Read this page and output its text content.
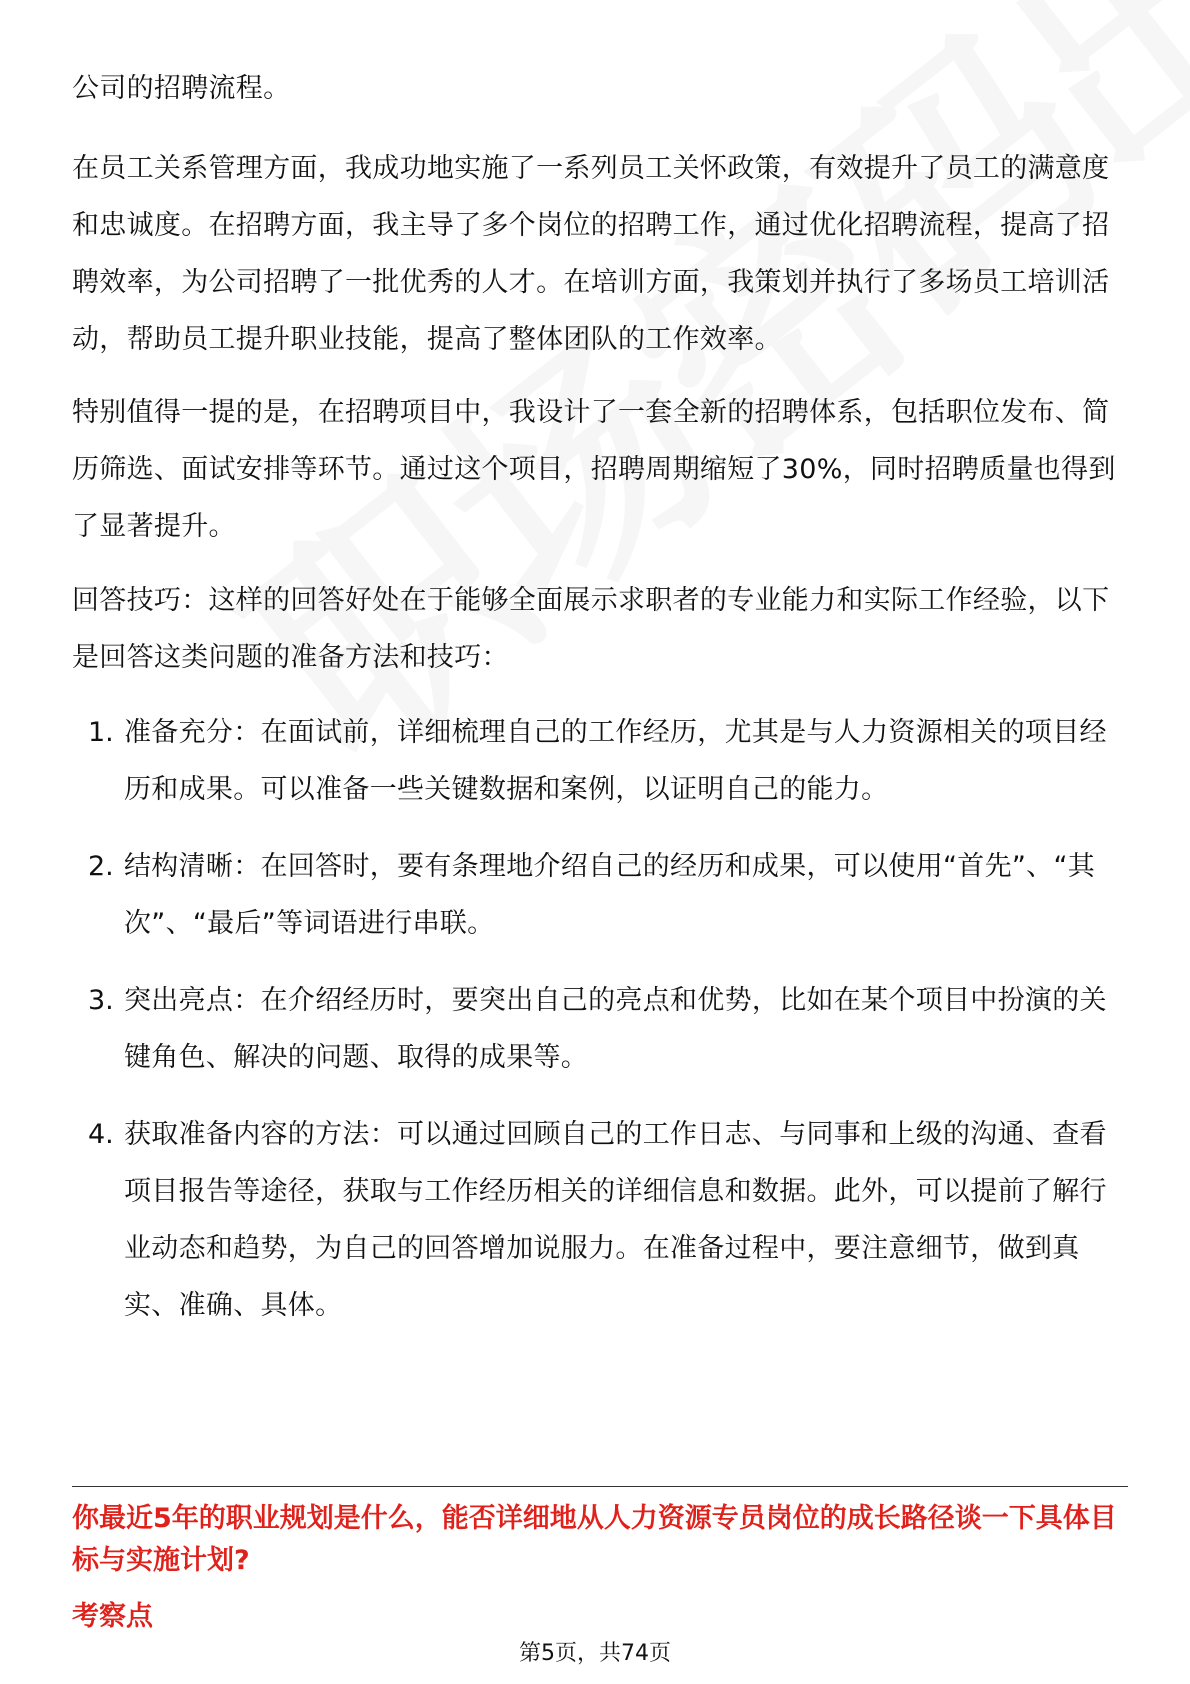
公司的招聘流程。

在员工关系管理方面，我成功地实施了一系列员工关怀政策，有效提升了员工的满意度和忠诚度。在招聘方面，我主导了多个岗位的招聘工作，通过优化招聘流程，提高了招聘效率，为公司招聘了一批优秀的人才。在培训方面，我策划并执行了多场员工培训活动，帮助员工提升职业技能，提高了整体团队的工作效率。

特别值得一提的是，在招聘项目中，我设计了一套全新的招聘体系，包括职位发布、简历筛选、面试安排等环节。通过这个项目，招聘周期缩短了30%，同时招聘质量也得到了显著提升。

回答技巧：这样的回答好处在于能够全面展示求职者的专业能力和实际工作经验，以下是回答这类问题的准备方法和技巧：

1. 准备充分：在面试前，详细梳理自己的工作经历，尤其是与人力资源相关的项目经历和成果。可以准备一些关键数据和案例，以证明自己的能力。
2. 结构清晰：在回答时，要有条理地介绍自己的经历和成果，可以使用“首先”、“其次”、“最后”等词语进行串联。
3. 突出亮点：在介绍经历时，要突出自己的亮点和优势，比如在某个项目中扮演的关键角色、解决的问题、取得的成果等。
4. 获取准备内容的方法：可以通过回顾自己的工作日志、与同事和上级的沟通、查看项目报告等途径，获取与工作经历相关的详细信息和数据。此外，可以提前了解行业动态和趋势，为自己的回答增加说服力。在准备过程中，要注意细节，做到真实、准确、具体。
你最近5年的职业规划是什么，能否详细地从人力资源专员岗位的成长路径谈一下具体目标与实施计划?
考察点
第5页，共74页
